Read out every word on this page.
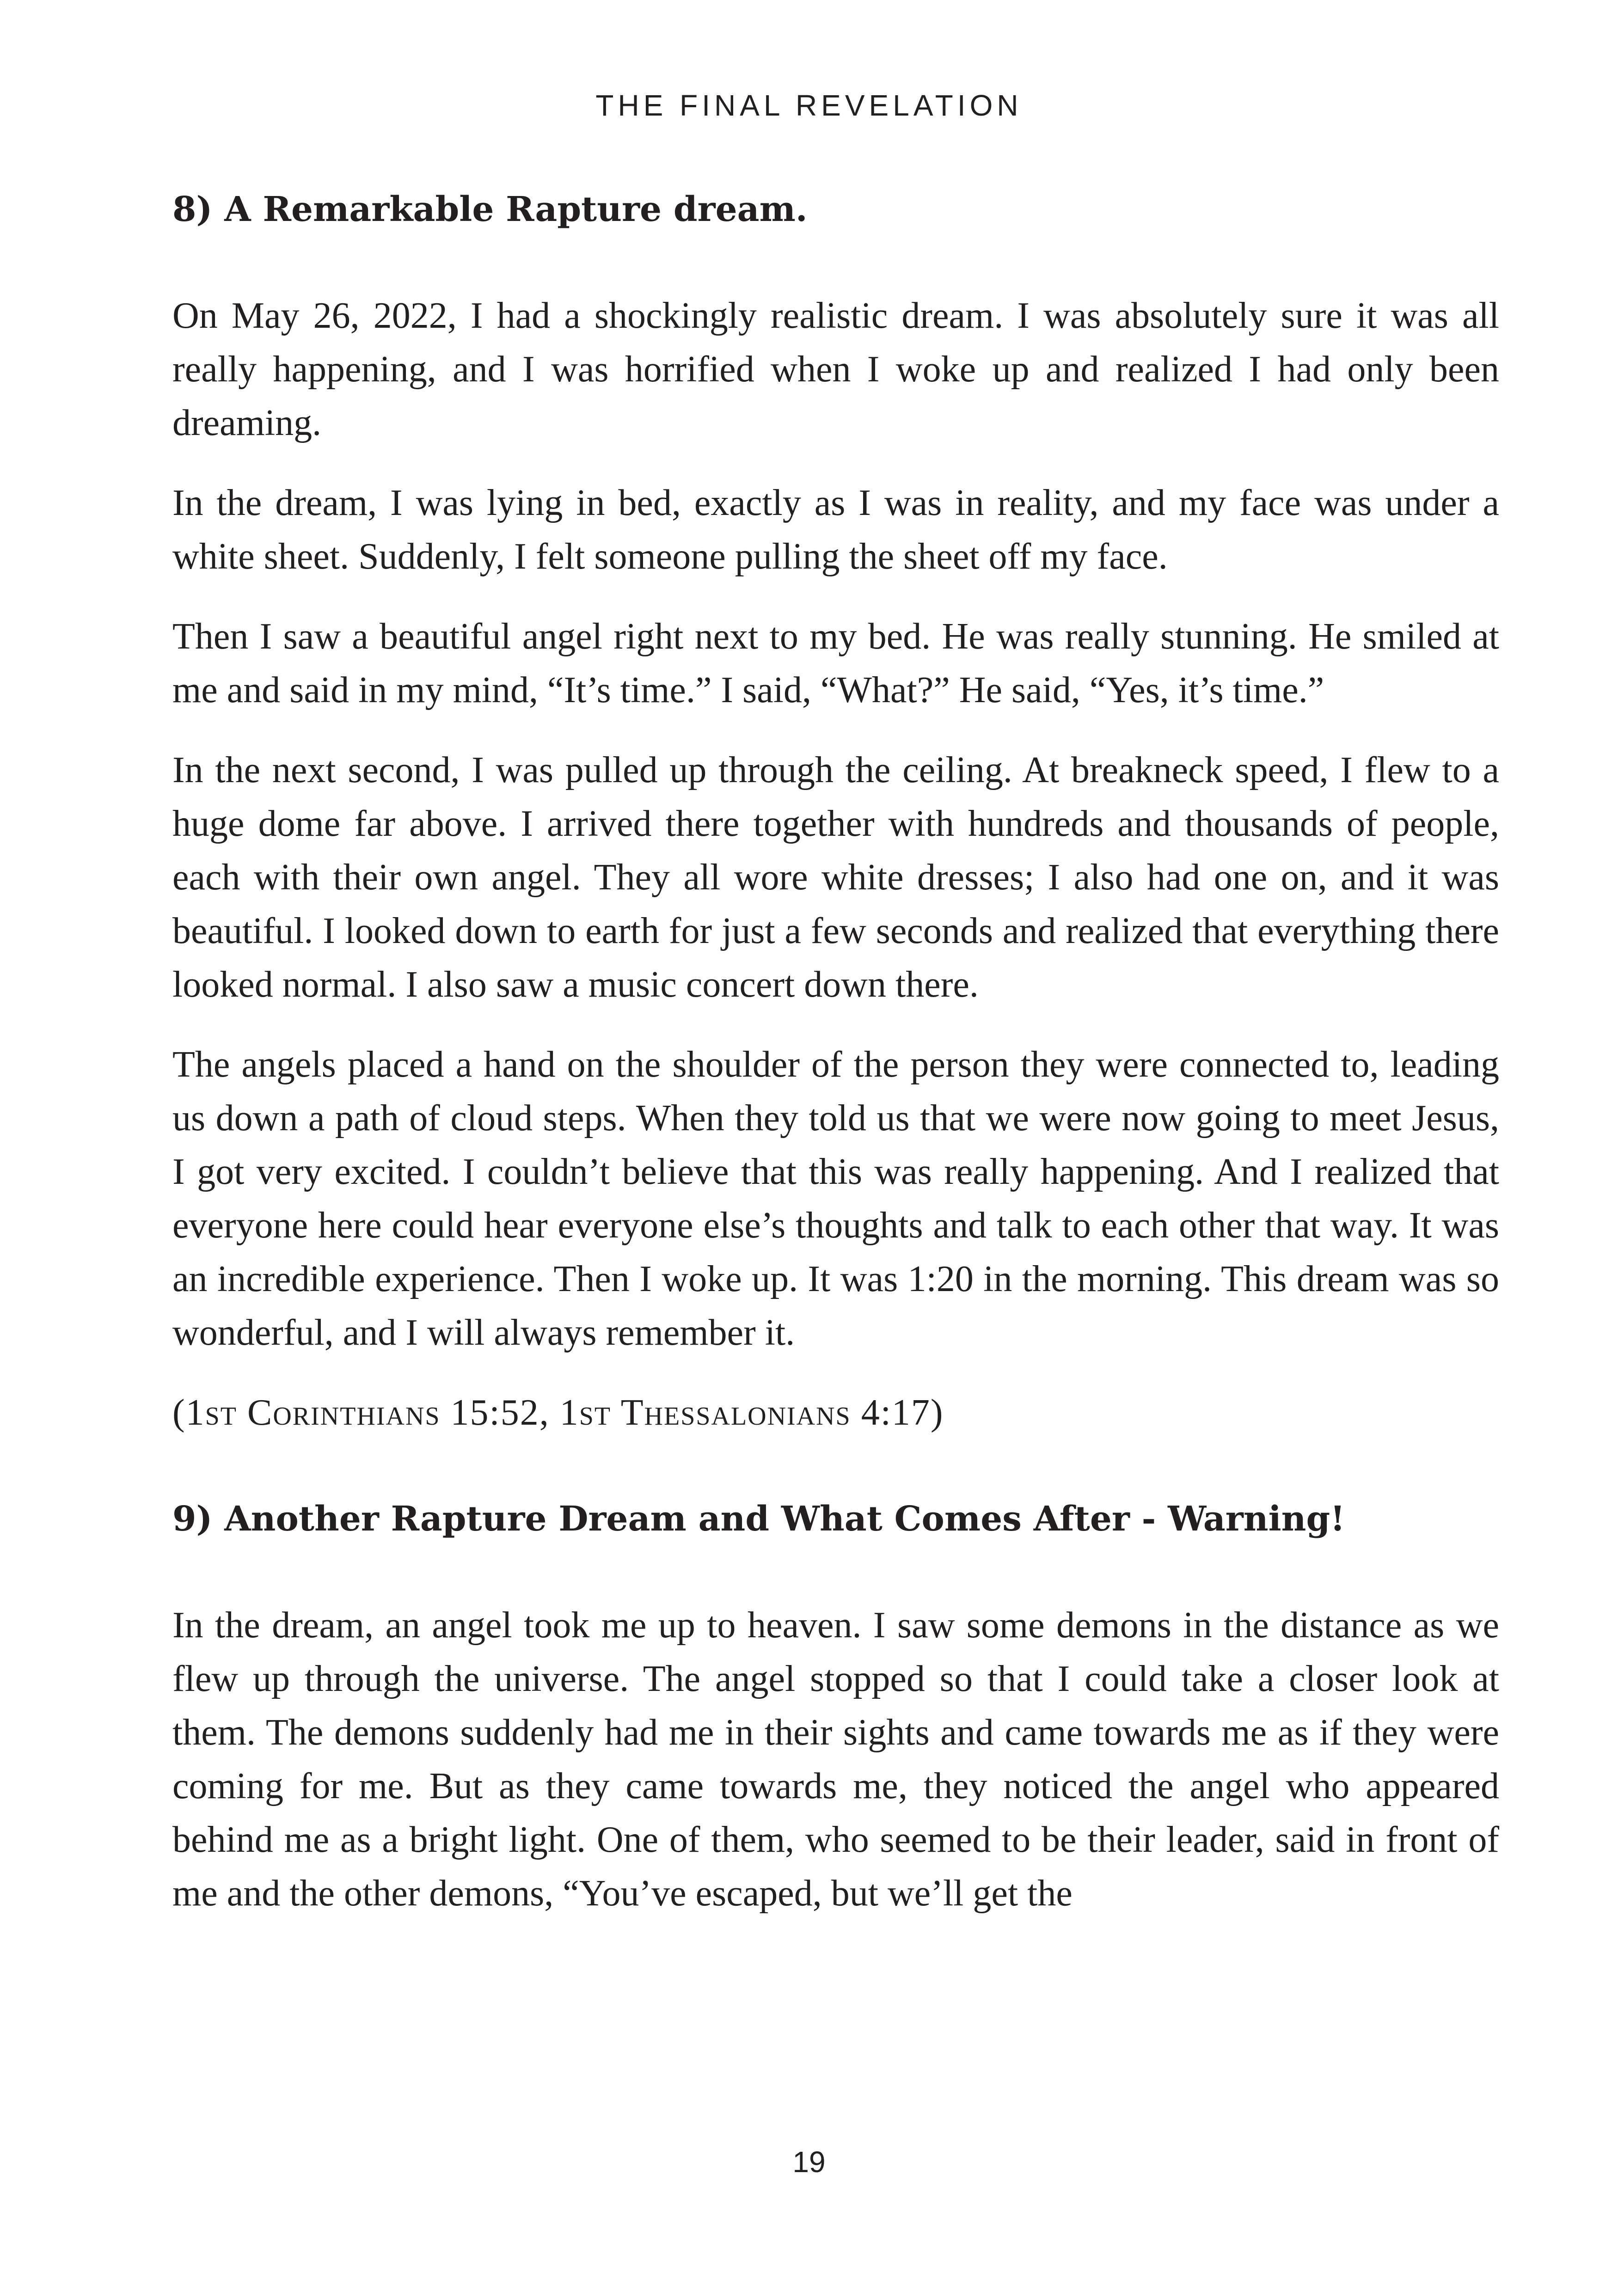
THE FINAL REVELATION
8) A Remarkable Rapture dream.

On May 26, 2022, I had a shockingly realistic dream. I was absolutely sure it was all really happening, and I was horrified when I woke up and realized I had only been dreaming.

In the dream, I was lying in bed, exactly as I was in reality, and my face was under a white sheet. Suddenly, I felt someone pulling the sheet off my face.

Then I saw a beautiful angel right next to my bed. He was really stunning. He smiled at me and said in my mind, “It’s time.” I said, “What?” He said, “Yes, it’s time.”

In the next second, I was pulled up through the ceiling. At breakneck speed, I flew to a huge dome far above. I arrived there together with hundreds and thousands of people, each with their own angel. They all wore white dresses; I also had one on, and it was beautiful. I looked down to earth for just a few seconds and realized that everything there looked normal. I also saw a music concert down there.

The angels placed a hand on the shoulder of the person they were connected to, leading us down a path of cloud steps. When they told us that we were now going to meet Jesus, I got very excited. I couldn’t believe that this was really happening. And I realized that everyone here could hear everyone else’s thoughts and talk to each other that way. It was an incredible experience. Then I woke up. It was 1:20 in the morning. This dream was so wonderful, and I will always remember it.

(1st Corinthians 15:52, 1st Thessalonians 4:17)

9) Another Rapture Dream and What Comes After - Warning!

In the dream, an angel took me up to heaven. I saw some demons in the distance as we flew up through the universe. The angel stopped so that I could take a closer look at them. The demons suddenly had me in their sights and came towards me as if they were coming for me. But as they came towards me, they noticed the angel who appeared behind me as a bright light. One of them, who seemed to be their leader, said in front of me and the other demons, “You’ve escaped, but we’ll get the

19
